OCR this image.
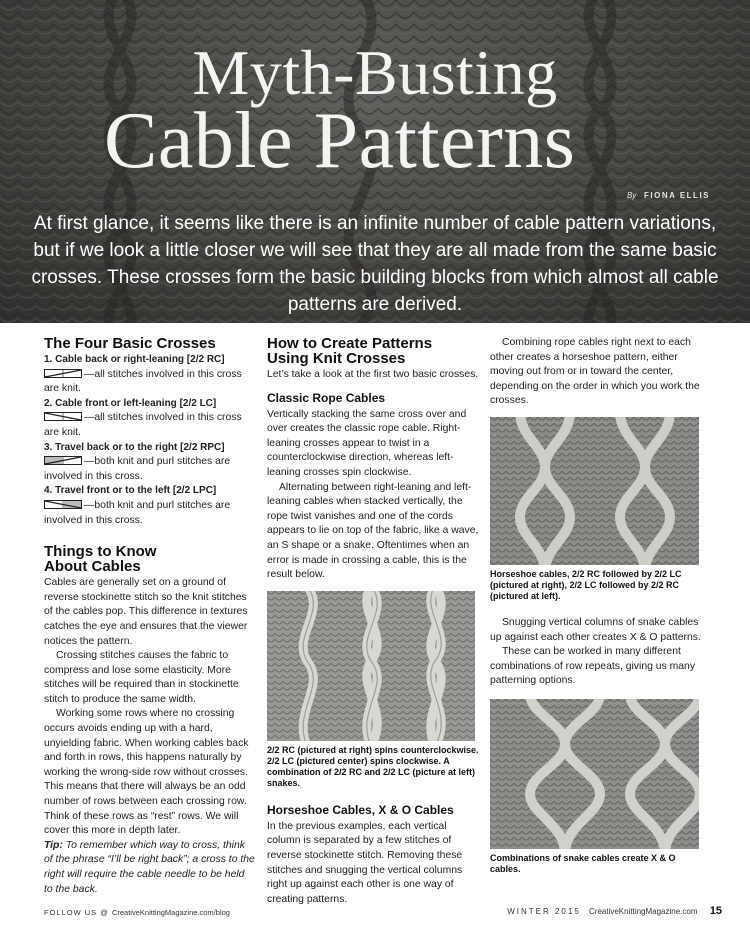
Myth-Busting
Cable Patterns
By FIONA ELLIS
At first glance, it seems like there is an infinite number of cable pattern variations, but if we look a little closer we will see that they are all made from the same basic crosses. These crosses form the basic building blocks from which almost all cable patterns are derived.
The Four Basic Crosses
1. Cable back or right-leaning [2/2 RC]

—all stitches involved in this cross are knit.

2. Cable front or left-leaning [2/2 LC]

—all stitches involved in this cross are knit.

3. Travel back or to the right [2/2 RPC]

—both knit and purl stitches are involved in this cross.

4. Travel front or to the left [2/2 LPC]

—both knit and purl stitches are involved in this cross.

Things to Know About Cables

Cables are generally set on a ground of reverse stockinette stitch so the knit stitches of the cables pop. This difference in textures catches the eye and ensures that the viewer notices the pattern.

Crossing stitches causes the fabric to compress and lose some elasticity. More stitches will be required than in stockinette stitch to produce the same width.

Working some rows where no crossing occurs avoids ending up with a hard, unyielding fabric. When working cables back and forth in rows, this happens naturally by working the wrong-side row without crosses. This means that there will always be an odd number of rows between each crossing row. Think of these rows as “rest” rows. We will cover this more in depth later.

Tip: To remember which way to cross, think of the phrase “I’ll be right back”; a cross to the right will require the cable needle to be held to the back.

How to Create Patterns Using Knit Crosses

Let’s take a look at the first two basic crosses.

Classic Rope Cables

Vertically stacking the same cross over and over creates the classic rope cable. Right-leaning crosses appear to twist in a counterclockwise direction, whereas left-leaning crosses spin clockwise.

Alternating between right-leaning and left-leaning cables when stacked vertically, the rope twist vanishes and one of the cords appears to lie on top of the fabric, like a wave, an S shape or a snake. Oftentimes when an error is made in crossing a cable, this is the result below.

2/2 RC (pictured at right) spins counterclockwise. 2/2 LC (pictured center) spins clockwise. A combination of 2/2 RC and 2/2 LC (picture at left) snakes.
Horseshoe Cables, X & O Cables

In the previous examples, each vertical column is separated by a few stitches of reverse stockinette stitch. Removing these stitches and snugging the vertical columns right up against each other is one way of creating patterns.

Combining rope cables right next to each other creates a horseshoe pattern, either moving out from or in toward the center, depending on the order in which you work the crosses.

Horseshoe cables, 2/2 RC followed by 2/2 LC (pictured at right), 2/2 LC followed by 2/2 RC (pictured at left).

Snugging vertical columns of snake cables up against each other creates X & O patterns.

These can be worked in many different combinations of row repeats, giving us many patterning options.

Combinations of snake cables create X & O cables.
FOLLOW US @ CreativeKnittingMagazine.com/blog	WINTER 2015 CreativeKnittingMagazine.com 15
